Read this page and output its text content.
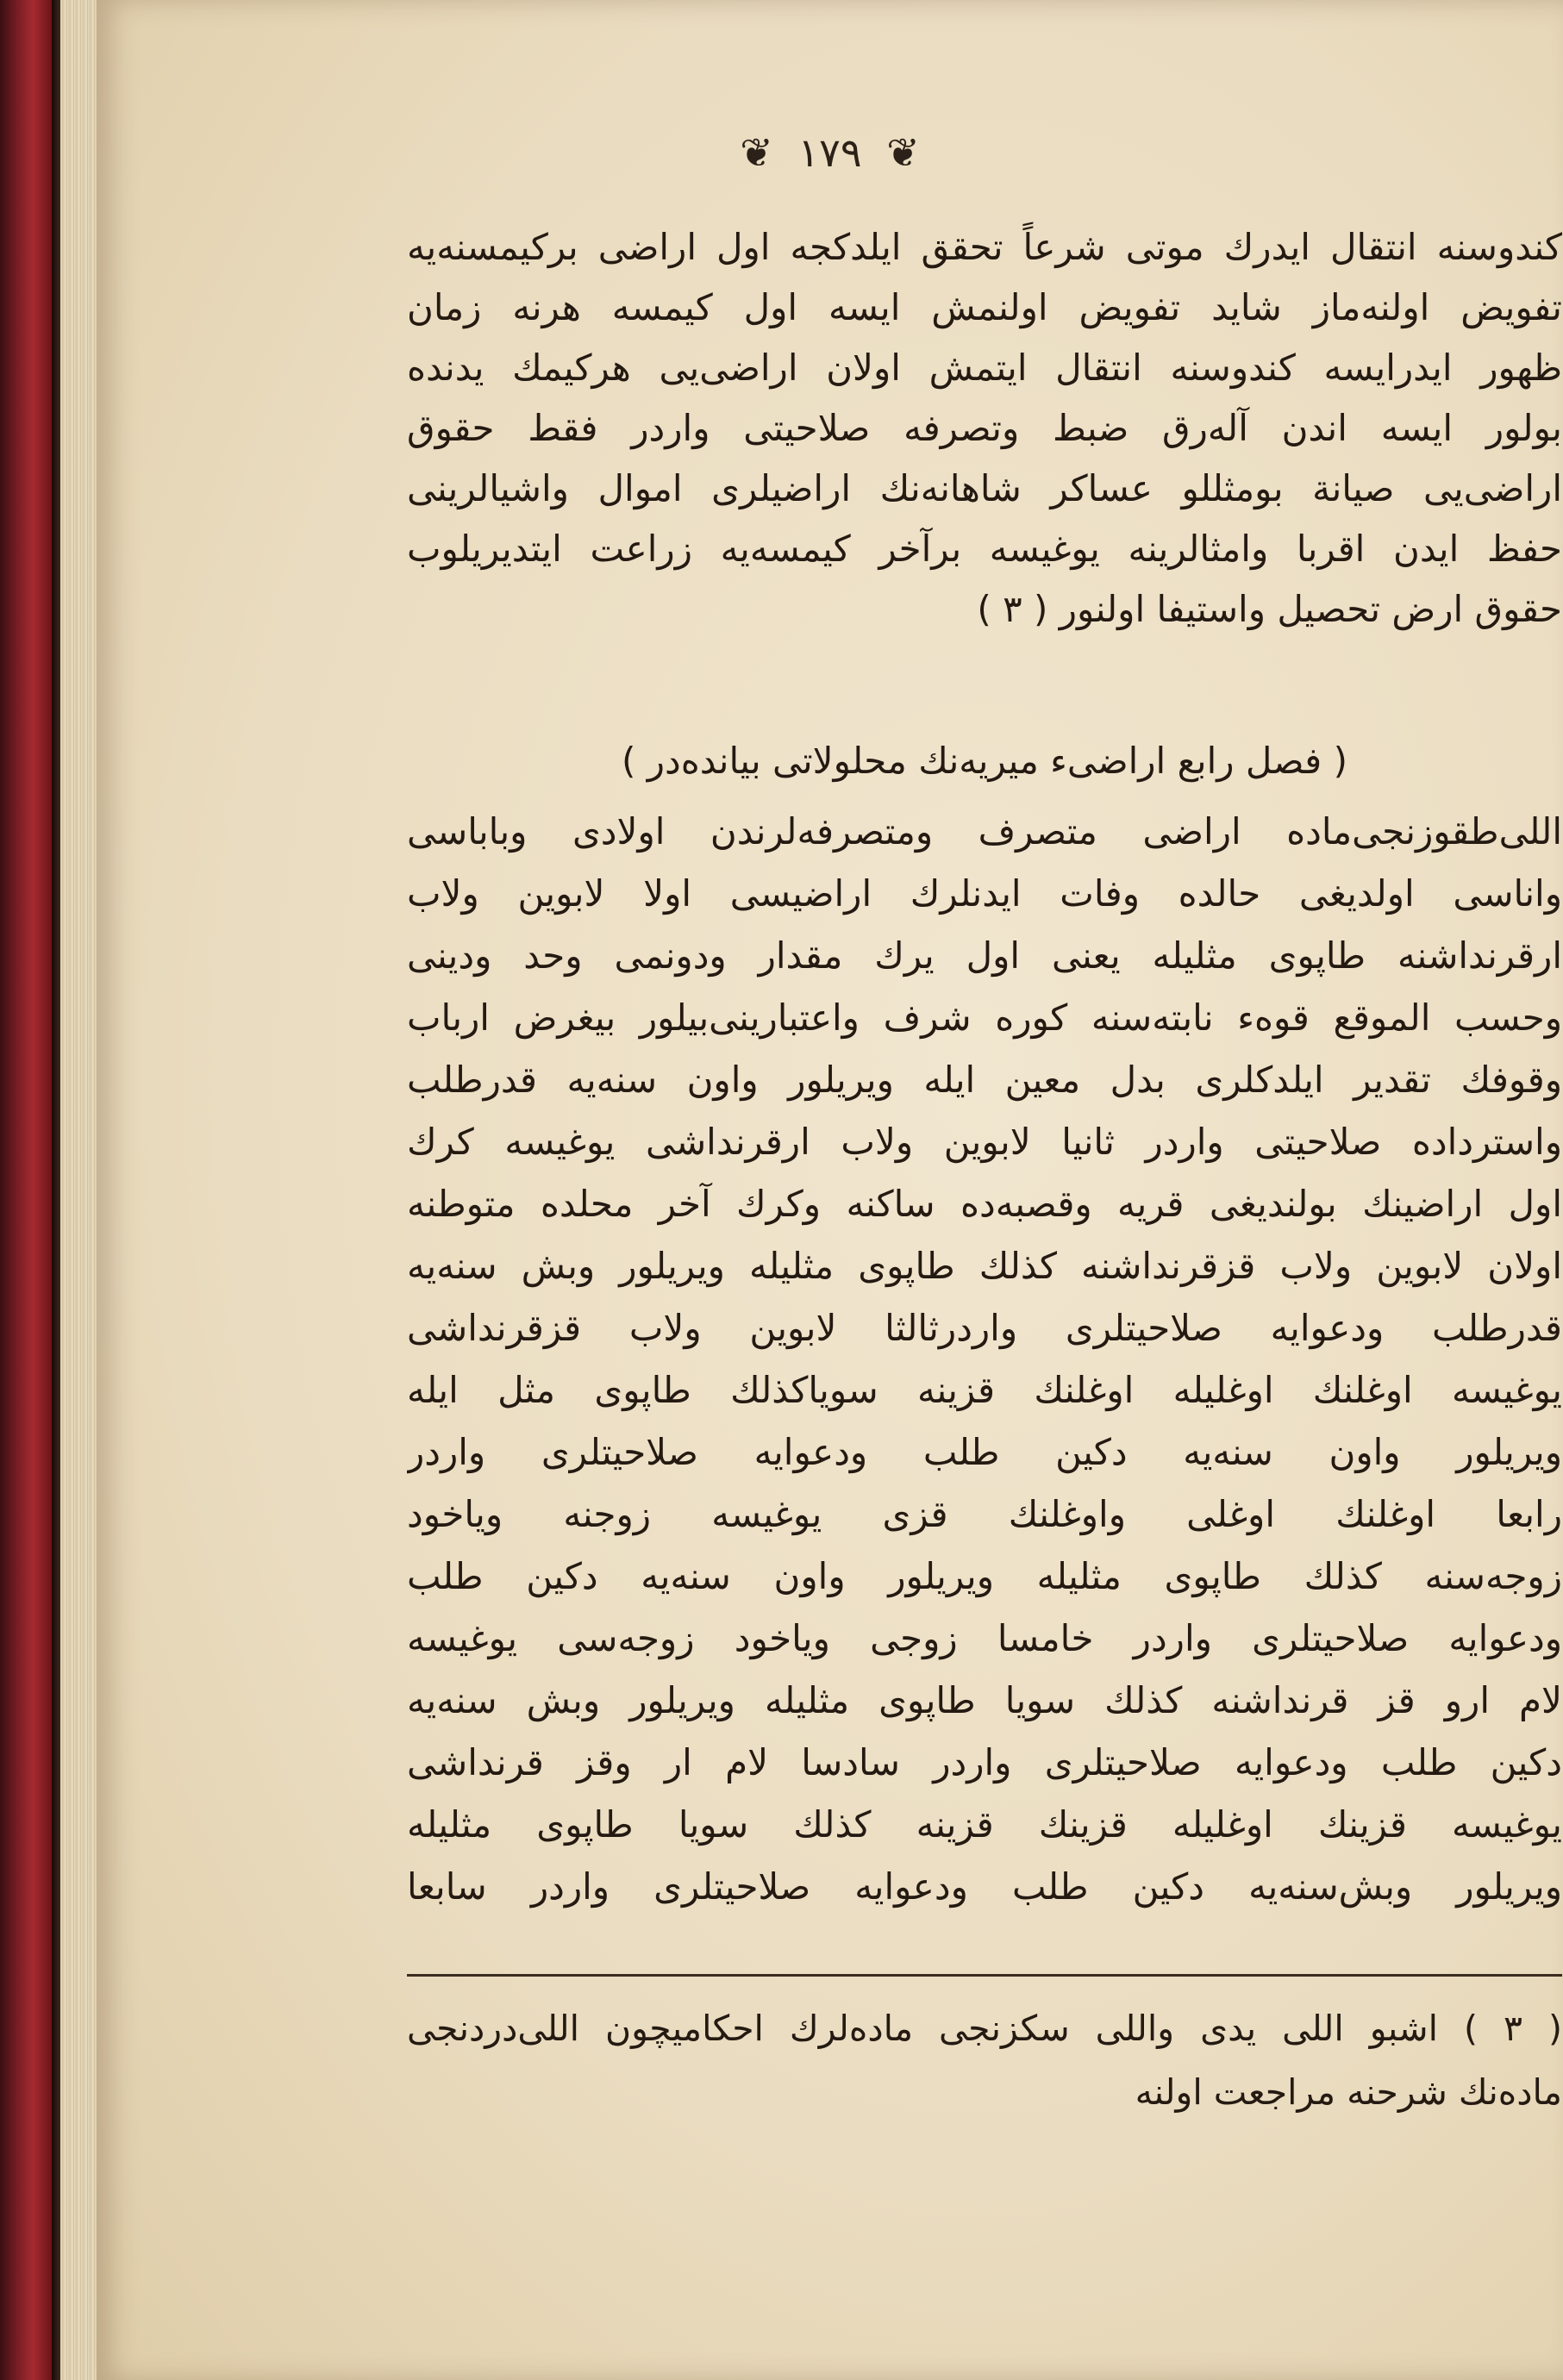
❦ ١٧٩ ❦
کندوسنه انتقال ایدرك موتی شرعاً تحقق ایلدکجه اول اراضی برکیمسنه‌یه
تفویض اولنه‌ماز شاید تفویض اولنمش ایسه اول کیمسه هرنه زمان
ظهور ایدرایسه کندوسنه انتقال ایتمش اولان اراضی‌یی هرکیمك یدنده
بولور ایسه اندن آله‌رق ضبط وتصرفه صلاحیتی واردر فقط حقوق
اراضی‌یی صیانة بومثللو عساکر شاهانه‌نك اراضیلری اموال واشیالرینی
حفظ ایدن اقربا وامثالرینه یوغیسه برآخر کیمسه‌یه زراعت ایتدیریلوب
حقوق ارض تحصیل واستیفا اولنور ( ٣ )
( فصل رابع اراضیء میریه‌نك محلولاتی بیانده‌در )
اللی‌طقوزنجی‌ماده اراضی متصرف ومتصرفه‌لرندن اولادی وباباسی
واناسی اولدیغی حالده وفات ایدنلرك اراضیسی اولا لابوین ولاب
ارقرنداشنه طاپوی مثلیله یعنی اول یرك مقدار ودونمی وحد ودینی
وحسب الموقع قوهء نابته‌سنه کوره شرف واعتبارینی‌بیلور بیغرض ارباب
وقوفك تقدیر ایلدکلری بدل معین ایله ویریلور واون سنه‌یه قدرطلب
واسترداده صلاحیتی واردر ثانیا لابوین ولاب ارقرنداشی یوغیسه کرك
اول اراضینك بولندیغی قریه وقصبه‌ده ساکنه وکرك آخر محلده متوطنه
اولان لابوین ولاب قزقرنداشنه کذلك طاپوی مثلیله ویریلور وبش سنه‌یه
قدرطلب ودعوایه صلاحیتلری واردرثالثا لابوین ولاب قزقرنداشی
یوغیسه اوغلنك اوغلیله اوغلنك قزینه سویاکذلك طاپوی مثل ایله
ویریلور واون سنه‌یه دکین طلب ودعوایه صلاحیتلری واردر
رابعا اوغلنك اوغلی واوغلنك قزی یوغیسه زوجنه ویاخود
زوجه‌سنه کذلك طاپوی مثلیله ویریلور واون سنه‌یه دکین طلب
ودعوایه صلاحیتلری واردر خامسا زوجی ویاخود زوجه‌سی یوغیسه
لام ارو قز قرنداشنه کذلك سویا طاپوی مثلیله ویریلور وبش سنه‌یه
دکین طلب ودعوایه صلاحیتلری واردر سادسا لام ار وقز قرنداشی
یوغیسه قزینك اوغلیله قزینك قزینه کذلك سویا طاپوی مثلیله
ویریلور وبش‌سنه‌یه دکین طلب ودعوایه صلاحیتلری واردر سابعا
( ٣ ) اشبو اللی یدی واللی سکزنجی ماده‌لرك احکامیچون اللی‌دردنجی
ماده‌نك شرحنه مراجعت اولنه
